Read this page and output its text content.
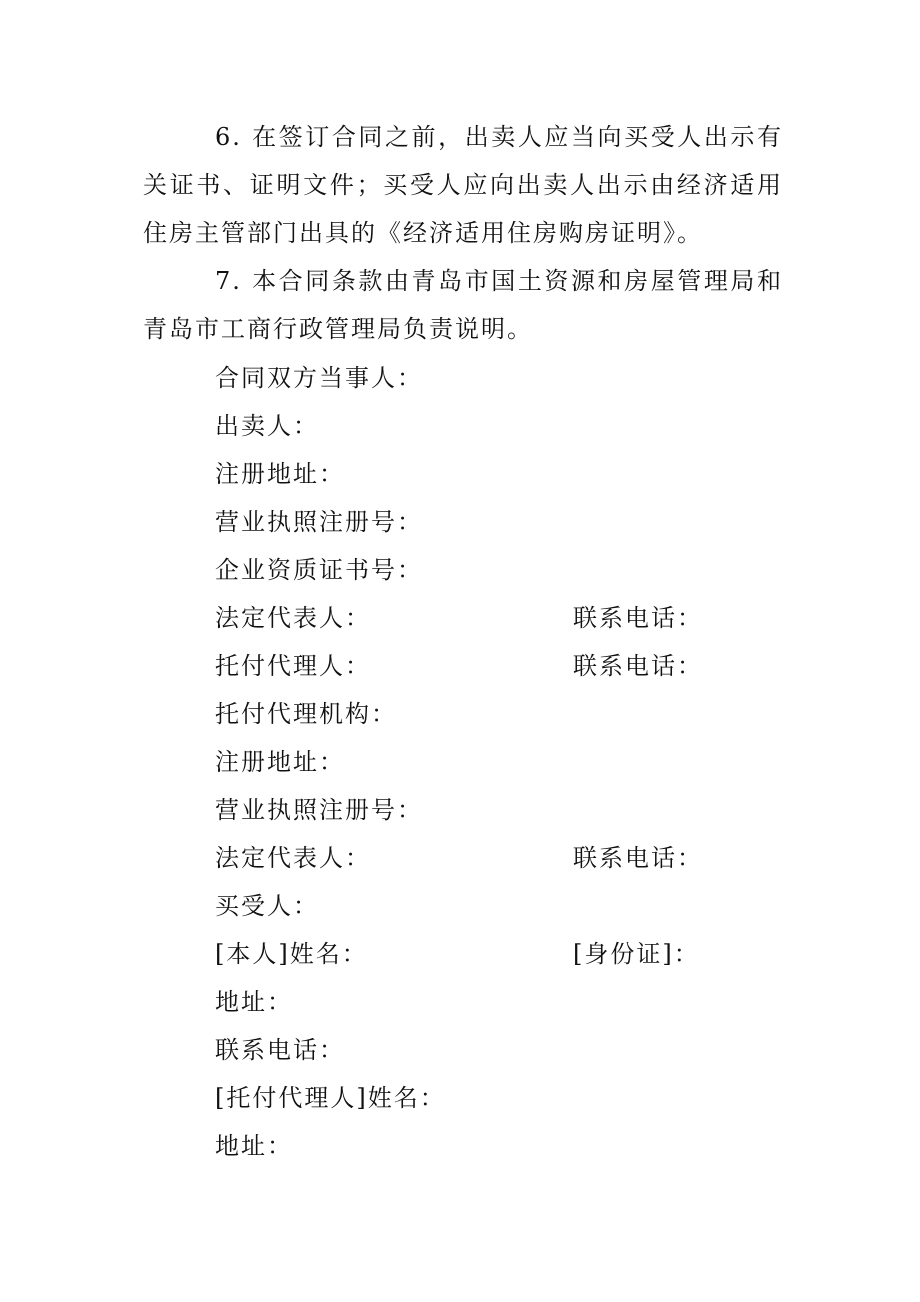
6. 在签订合同之前，出卖人应当向买受人出示有关证书、证明文件；买受人应向出卖人出示由经济适用住房主管部门出具的《经济适用住房购房证明》。

7. 本合同条款由青岛市国土资源和房屋管理局和青岛市工商行政管理局负责说明。

合同双方当事人：
出卖人：
注册地址：
营业执照注册号：
企业资质证书号：
法定代表人：	联系电话：
托付代理人：	联系电话：
托付代理机构：
注册地址：
营业执照注册号：
法定代表人：	联系电话：
买受人：
[本人]姓名：	[身份证]：
地址：
联系电话：
[托付代理人]姓名：
地址：
